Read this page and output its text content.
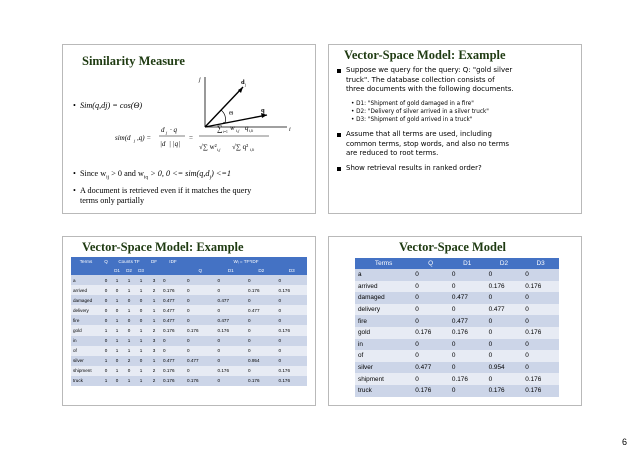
Similarity Measure
j
i
d j
q
Θ
• Sim(q,dj) = cos(Θ)
sim(d j ,q) =
d j · q
|d | |q|
=
∑
n
i=1 w i,j q i,k
√∑ w² i,j √∑ q² i,k
• Since $w_{ij} > 0$ and $w_{iq} > 0$, $0 <= sim(q,d_j) <=1$
• A document is retrieved even if it matches the query
terms only partially
Vector-Space Model: Example
Suppose we query for the query: Q: "gold silver
truck". The database collection consists of
three documents with the following documents.
• D1: "Shipment of gold damaged in a fire"
• D2: "Delivery of silver arrived in a silver truck"
• D3: "Shipment of gold arrived in a truck"
Assume that all terms are used, including
common terms, stop words, and also no terms
are reduced to root terms.
Show retrieval results in ranked order?
Vector-Space Model: Example
Terms	Q	Counts TF			DF	IDF	Wᵢ = TF*IDF			
		D1	D2	D3			Q	D1	D2	D3
a	0	1	1	1	3	0	0	0	0	0
arrived	0	0	1	1	2	0.176	0	0	0.176	0.176
damaged	0	1	0	0	1	0.477	0	0.477	0	0
delivery	0	0	1	0	1	0.477	0	0	0.477	0
fire	0	1	0	0	1	0.477	0	0.477	0	0
gold	1	1	0	1	2	0.176	0.176	0.176	0	0.176
in	0	1	1	1	3	0	0	0	0	0
of	0	1	1	1	3	0	0	0	0	0
silver	1	0	2	0	1	0.477	0.477	0	0.954	0
shipment	0	1	0	1	2	0.176	0	0.176	0	0.176
truck	1	0	1	1	2	0.176	0.176	0	0.176	0.176
Vector-Space Model
Terms	Q	D1	D2	D3
a	0	0	0	0
arrived	0	0	0.176	0.176
damaged	0	0.477	0	0
delivery	0	0	0.477	0
fire	0	0.477	0	0
gold	0.176	0.176	0	0.176
in	0	0	0	0
of	0	0	0	0
silver	0.477	0	0.954	0
shipment	0	0.176	0	0.176
truck	0.176	0	0.176	0.176
6
